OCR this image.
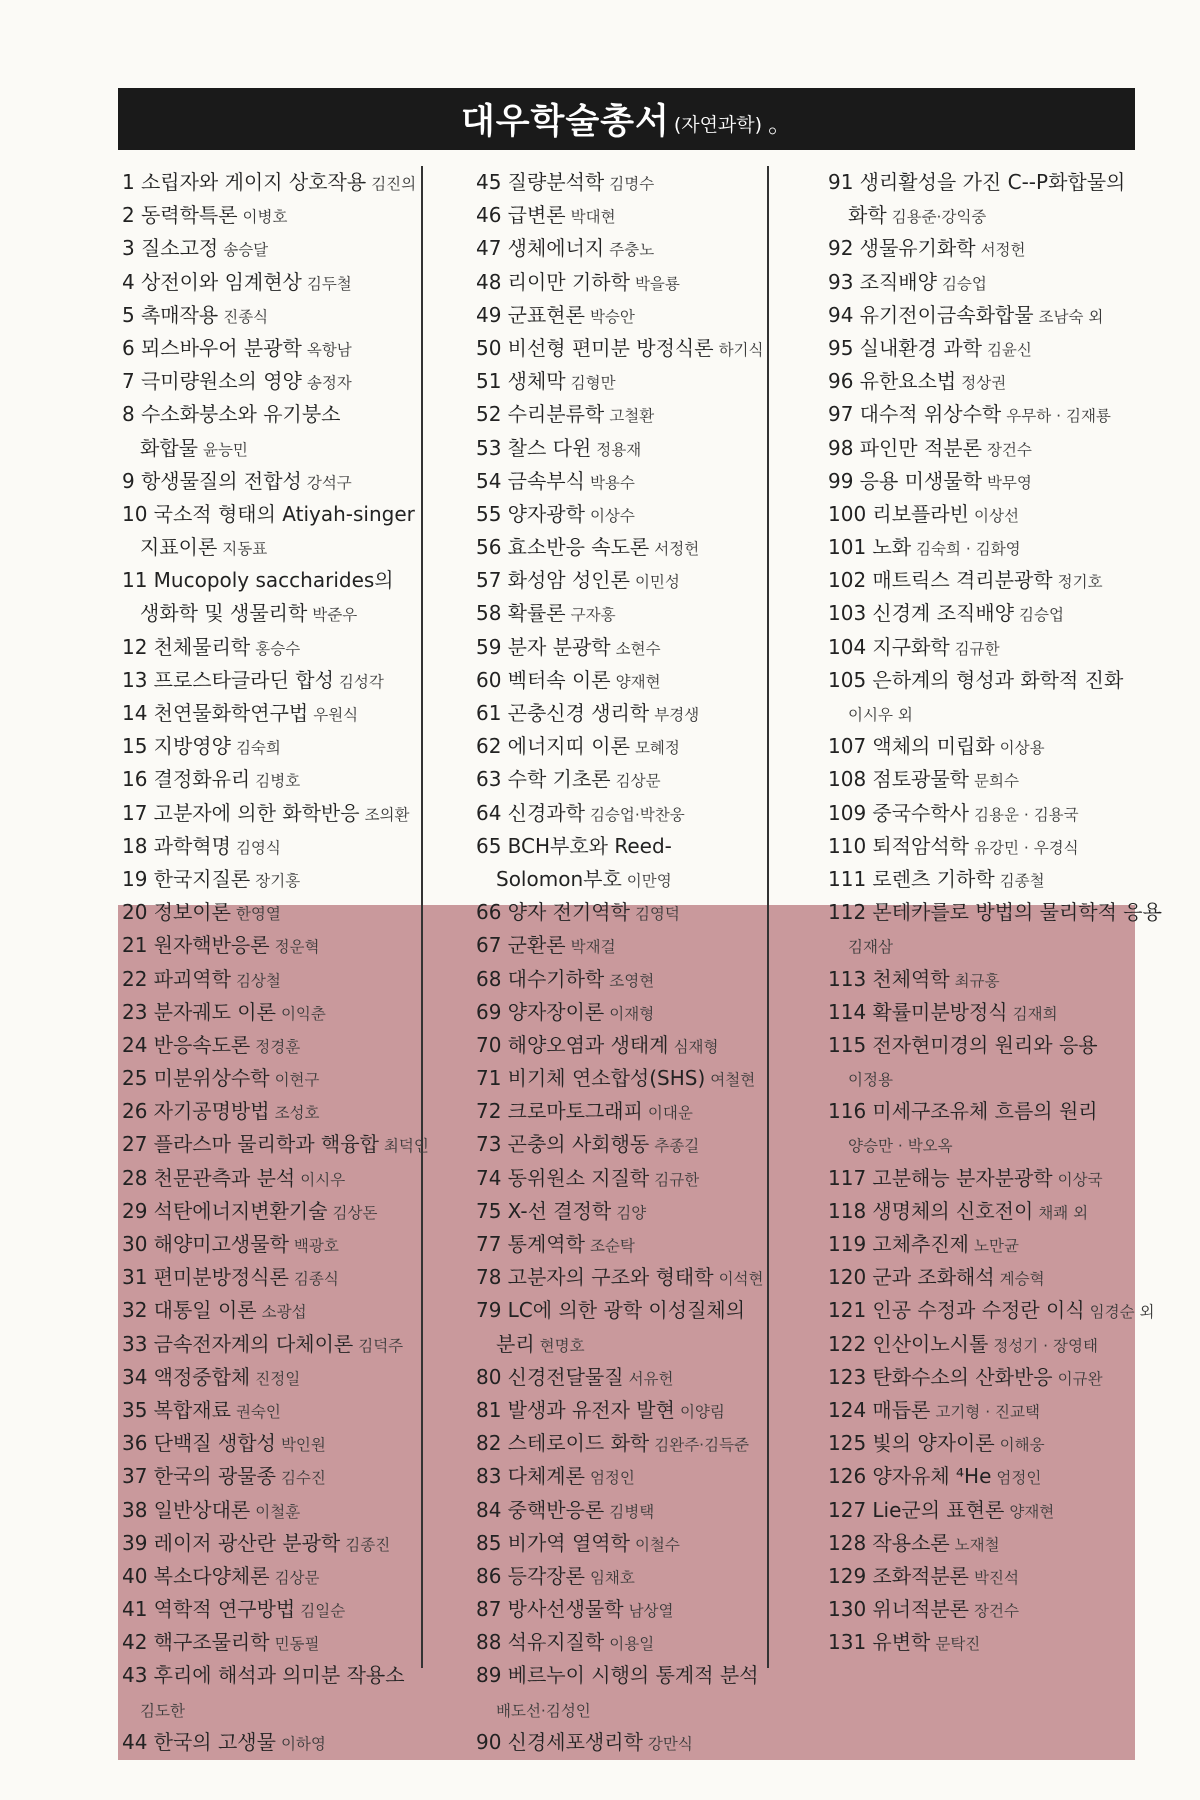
대우학술총서 (자연과학) 。
1 소립자와 게이지 상호작용 김진의
2 동력학특론 이병호
3 질소고정 송승달
4 상전이와 임계현상 김두철
5 촉매작용 진종식
6 뫼스바우어 분광학 옥항남
7 극미량원소의 영양 송정자
8 수소화붕소와 유기붕소
화합물 윤능민
9 항생물질의 전합성 강석구
10 국소적 형태의 Atiyah-singer
지표이론 지동표
11 Mucopoly saccharides의
생화학 및 생물리학 박준우
12 천체물리학 홍승수
13 프로스타글라딘 합성 김성각
14 천연물화학연구법 우원식
15 지방영양 김숙희
16 결정화유리 김병호
17 고분자에 의한 화학반응 조의환
18 과학혁명 김영식
19 한국지질론 장기홍
20 정보이론 한영열
21 원자핵반응론 정운혁
22 파괴역학 김상철
23 분자궤도 이론 이익춘
24 반응속도론 정경훈
25 미분위상수학 이현구
26 자기공명방법 조성호
27 플라스마 물리학과 핵융합 최덕인
28 천문관측과 분석 이시우
29 석탄에너지변환기술 김상돈
30 해양미고생물학 백광호
31 편미분방정식론 김종식
32 대통일 이론 소광섭
33 금속전자계의 다체이론 김덕주
34 액정중합체 진정일
35 복합재료 권숙인
36 단백질 생합성 박인원
37 한국의 광물종 김수진
38 일반상대론 이철훈
39 레이저 광산란 분광학 김종진
40 복소다양체론 김상문
41 역학적 연구방법 김일순
42 핵구조물리학 민동필
43 후리에 해석과 의미분 작용소
김도한
44 한국의 고생물 이하영
45 질량분석학 김명수
46 급변론 박대현
47 생체에너지 주충노
48 리이만 기하학 박을룡
49 군표현론 박승안
50 비선형 편미분 방정식론 하기식
51 생체막 김형만
52 수리분류학 고철환
53 찰스 다윈 정용재
54 금속부식 박용수
55 양자광학 이상수
56 효소반응 속도론 서정헌
57 화성암 성인론 이민성
58 확률론 구자홍
59 분자 분광학 소현수
60 벡터속 이론 양재현
61 곤충신경 생리학 부경생
62 에너지띠 이론 모혜정
63 수학 기초론 김상문
64 신경과학 김승업·박찬웅
65 BCH부호와 Reed-
Solomon부호 이만영
66 양자 전기역학 김영덕
67 군환론 박재걸
68 대수기하학 조영현
69 양자장이론 이재형
70 해양오염과 생태계 심재형
71 비기체 연소합성(SHS) 여철현
72 크로마토그래피 이대운
73 곤충의 사회행동 추종길
74 동위원소 지질학 김규한
75 X-선 결정학 김양
77 통계역학 조순탁
78 고분자의 구조와 형태학 이석현
79 LC에 의한 광학 이성질체의
분리 현명호
80 신경전달물질 서유헌
81 발생과 유전자 발현 이양림
82 스테로이드 화학 김완주·김득준
83 다체계론 엄정인
84 중핵반응론 김병택
85 비가역 열역학 이철수
86 등각장론 임채호
87 방사선생물학 남상열
88 석유지질학 이용일
89 베르누이 시행의 통계적 분석
배도선·김성인
90 신경세포생리학 강만식
91 생리활성을 가진 C--P화합물의
화학 김용준·강익중
92 생물유기화학 서정헌
93 조직배양 김승업
94 유기전이금속화합물 조남숙 외
95 실내환경 과학 김윤신
96 유한요소법 정상권
97 대수적 위상수학 우무하 · 김재룡
98 파인만 적분론 장건수
99 응용 미생물학 박무영
100 리보플라빈 이상선
101 노화 김숙희 · 김화영
102 매트릭스 격리분광학 정기호
103 신경계 조직배양 김승업
104 지구화학 김규한
105 은하계의 형성과 화학적 진화
이시우 외
107 액체의 미립화 이상용
108 점토광물학 문희수
109 중국수학사 김용운 · 김용국
110 퇴적암석학 유강민 · 우경식
111 로렌츠 기하학 김종철
112 몬테카를로 방법의 물리학적 응용
김재삼
113 천체역학 최규홍
114 확률미분방정식 김재희
115 전자현미경의 원리와 응용
이정용
116 미세구조유체 흐름의 원리
양승만 · 박오옥
117 고분해능 분자분광학 이상국
118 생명체의 신호전이 채쾌 외
119 고체추진제 노만균
120 군과 조화해석 계승혁
121 인공 수정과 수정란 이식 임경순 외
122 인산이노시톨 정성기 · 장영태
123 탄화수소의 산화반응 이규완
124 매듭론 고기형 · 진교택
125 빛의 양자이론 이해웅
126 양자유체 ⁴He 엄정인
127 Lie군의 표현론 양재현
128 작용소론 노재철
129 조화적분론 박진석
130 위너적분론 장건수
131 유변학 문탁진
